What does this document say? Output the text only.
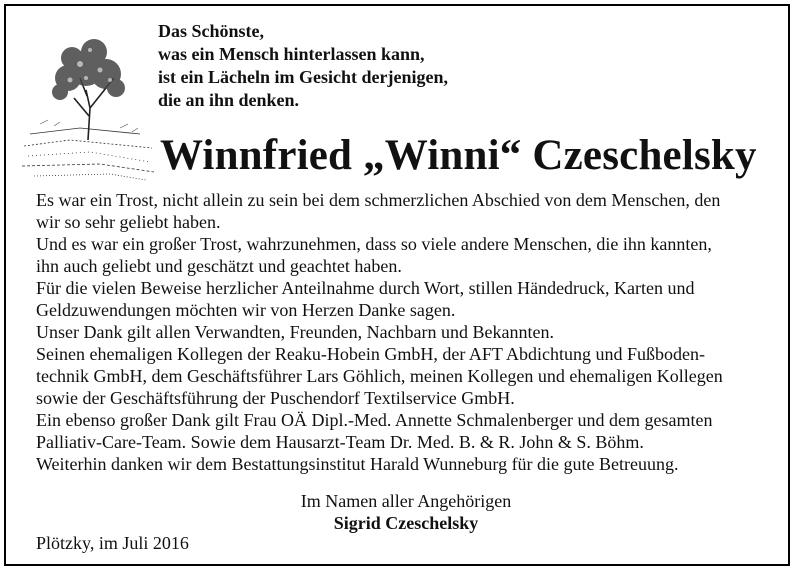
Das Schönste,
was ein Mensch hinterlassen kann,
ist ein Lächeln im Gesicht derjenigen,
die an ihn denken.
Winnfried „Winni“ Czeschelsky

Es war ein Trost, nicht allein zu sein bei dem schmerzlichen Abschied von dem Menschen, den

wir so sehr geliebt haben.

Und es war ein großer Trost, wahrzunehmen, dass so viele andere Menschen, die ihn kannten,

ihn auch geliebt und geschätzt und geachtet haben.

Für die vielen Beweise herzlicher Anteilnahme durch Wort, stillen Händedruck, Karten und

Geldzuwendungen möchten wir von Herzen Danke sagen.

Unser Dank gilt allen Verwandten, Freunden, Nachbarn und Bekannten.

Seinen ehemaligen Kollegen der Reaku-Hobein GmbH, der AFT Abdichtung und Fußboden-

technik GmbH, dem Geschäftsführer Lars Göhlich, meinen Kollegen und ehemaligen Kollegen

sowie der Geschäftsführung der Puschendorf Textilservice GmbH.

Ein ebenso großer Dank gilt Frau OÄ Dipl.-Med. Annette Schmalenberger und dem gesamten

Palliativ-Care-Team. Sowie dem Hausarzt-Team Dr. Med. B. & R. John & S. Böhm.

Weiterhin danken wir dem Bestattungsinstitut Harald Wunneburg für die gute Betreuung.

Im Namen aller Angehörigen
Sigrid Czeschelsky
Plötzky, im Juli 2016
